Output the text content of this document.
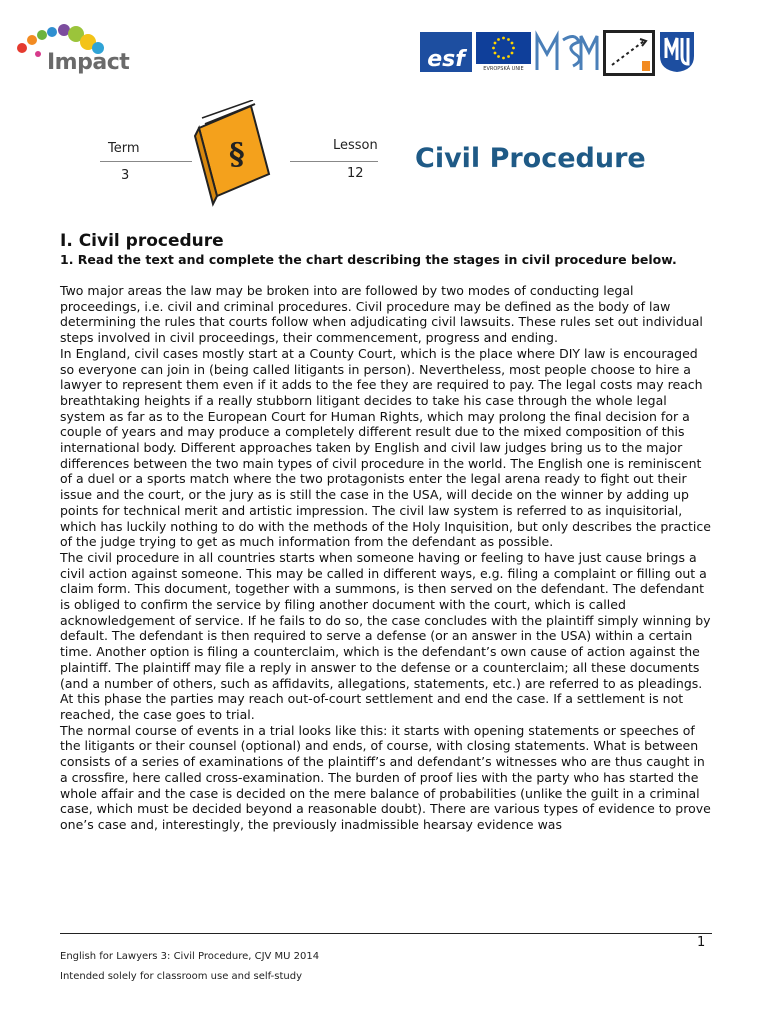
Impact	esf	EVROPSKÁ UNIE
Term
3
§	Lesson
12 Civil Procedure
I. Civil procedure
1. Read the text and complete the chart describing the stages in civil procedure below.

Two major areas the law may be broken into are followed by two modes of conducting legal proceedings, i.e. civil and criminal procedures. Civil procedure may be defined as the body of law determining the rules that courts follow when adjudicating civil lawsuits. These rules set out individual steps involved in civil proceedings, their commencement, progress and ending.

In England, civil cases mostly start at a County Court, which is the place where DIY law is encouraged so everyone can join in (being called litigants in person). Nevertheless, most people choose to hire a lawyer to represent them even if it adds to the fee they are required to pay. The legal costs may reach breathtaking heights if a really stubborn litigant decides to take his case through the whole legal system as far as to the European Court for Human Rights, which may prolong the final decision for a couple of years and may produce a completely different result due to the mixed composition of this international body. Different approaches taken by English and civil law judges bring us to the major differences between the two main types of civil procedure in the world. The English one is reminiscent of a duel or a sports match where the two protagonists enter the legal arena ready to fight out their issue and the court, or the jury as is still the case in the USA, will decide on the winner by adding up points for technical merit and artistic impression. The civil law system is referred to as inquisitorial, which has luckily nothing to do with the methods of the Holy Inquisition, but only describes the practice of the judge trying to get as much information from the defendant as possible.

The civil procedure in all countries starts when someone having or feeling to have just cause brings a civil action against someone. This may be called in different ways, e.g. filing a complaint or filling out a claim form. This document, together with a summons, is then served on the defendant. The defendant is obliged to confirm the service by filing another document with the court, which is called acknowledgement of service. If he fails to do so, the case concludes with the plaintiff simply winning by default. The defendant is then required to serve a defense (or an answer in the USA) within a certain time. Another option is filing a counterclaim, which is the defendant’s own cause of action against the plaintiff. The plaintiff may file a reply in answer to the defense or a counterclaim; all these documents (and a number of others, such as affidavits, allegations, statements, etc.) are referred to as pleadings. At this phase the parties may reach out-of-court settlement and end the case. If a settlement is not reached, the case goes to trial.

The normal course of events in a trial looks like this: it starts with opening statements or speeches of the litigants or their counsel (optional) and ends, of course, with closing statements. What is between consists of a series of examinations of the plaintiff’s and defendant’s witnesses who are thus caught in a crossfire, here called cross-examination. The burden of proof lies with the party who has started the whole affair and the case is decided on the mere balance of probabilities (unlike the guilt in a criminal case, which must be decided beyond a reasonable doubt). There are various types of evidence to prove one’s case and, interestingly, the previously inadmissible hearsay evidence was

1
English for Lawyers 3: Civil Procedure, CJV MU 2014
Intended solely for classroom use and self-study
